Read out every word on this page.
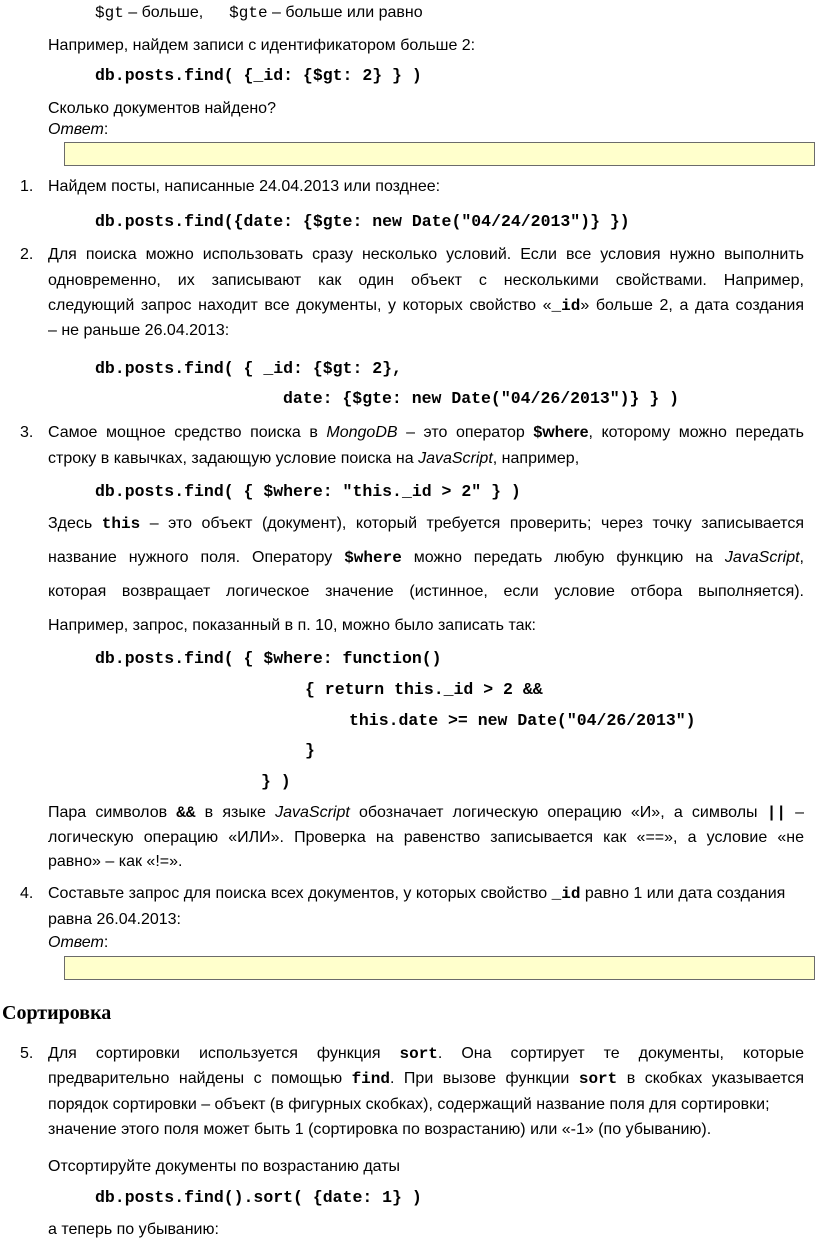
$gt – больше, $gte – больше или равно
Например, найдем записи с идентификатором больше 2:
db.posts.find( {_id: {$gt: 2} } )
Сколько документов найдено?
Ответ:
1. Найдем посты, написанные 24.04.2013 или позднее:
db.posts.find({date: {$gte: new Date("04/24/2013")} })
2. Для поиска можно использовать сразу несколько условий. Если все условия нужно выполнить
одновременно, их записывают как один объект с несколькими свойствами. Например,
следующий запрос находит все документы, у которых свойство «_id» больше 2, а дата создания
– не раньше 26.04.2013:
db.posts.find( { _id: {$gt: 2},
date: {$gte: new Date("04/26/2013")} } )
3. Самое мощное средство поиска в MongoDB – это оператор $where, которому можно передать
строку в кавычках, задающую условие поиска на JavaScript, например,
db.posts.find( { $where: "this._id > 2" } )
Здесь this – это объект (документ), который требуется проверить; через точку записывается
название нужного поля. Оператору $where можно передать любую функцию на JavaScript,
которая возвращает логическое значение (истинное, если условие отбора выполняется).
Например, запрос, показанный в п. 10, можно было записать так:
db.posts.find( { $where: function()
{ return this._id > 2 &&
this.date >= new Date("04/26/2013")
}
} )
Пара символов && в языке JavaScript обозначает логическую операцию «И», а символы || –
логическую операцию «ИЛИ». Проверка на равенство записывается как «==», а условие «не
равно» – как «!=».
4. Составьте запрос для поиска всех документов, у которых свойство _id равно 1 или дата создания
равна 26.04.2013:
Ответ:
Сортировка
5. Для сортировки используется функция sort. Она сортирует те документы, которые
предварительно найдены с помощью find. При вызове функции sort в скобках указывается
порядок сортировки – объект (в фигурных скобках), содержащий название поля для сортировки;
значение этого поля может быть 1 (сортировка по возрастанию) или «-1» (по убыванию).
Отсортируйте документы по возрастанию даты
db.posts.find().sort( {date: 1} )
а теперь по убыванию:
